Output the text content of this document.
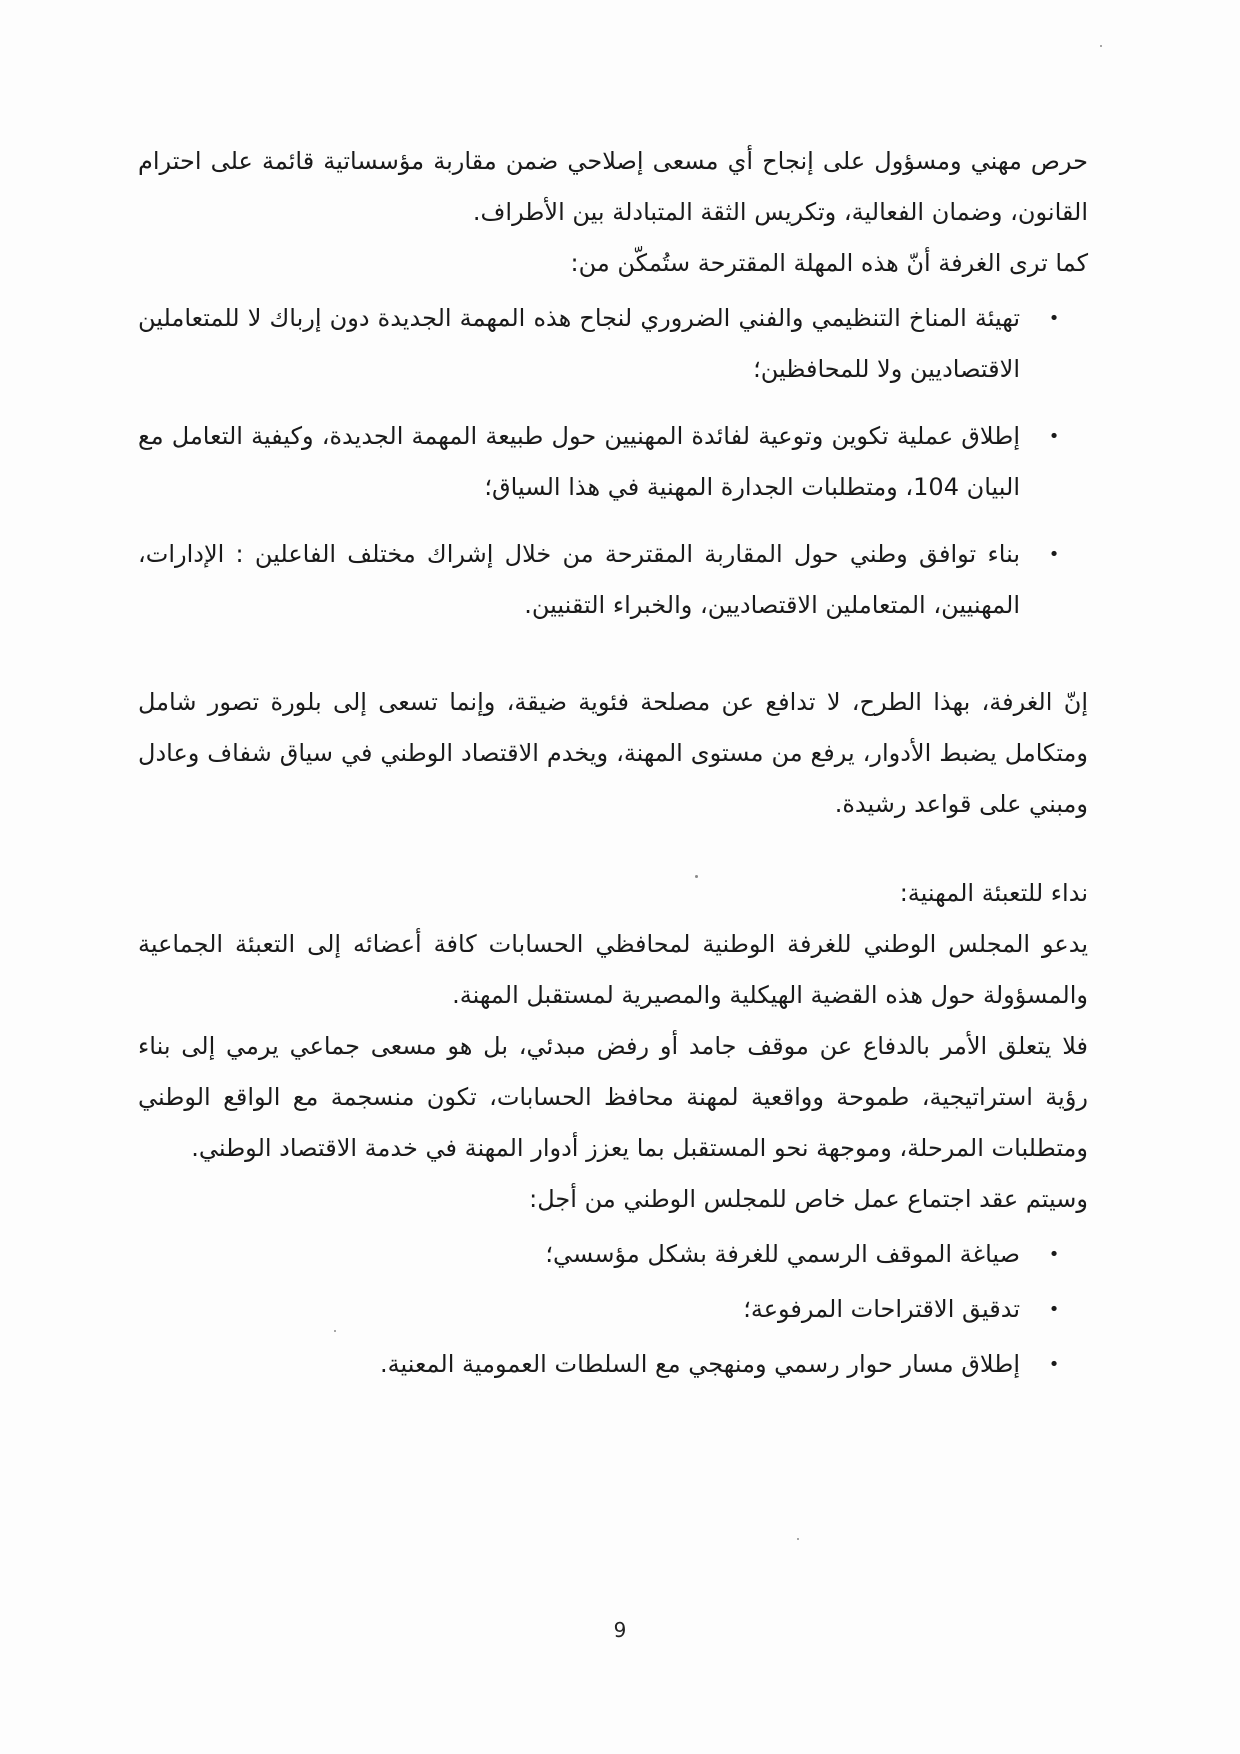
حرص مهني ومسؤول على إنجاح أي مسعى إصلاحي ضمن مقاربة مؤسساتية قائمة على احترام القانون، وضمان الفعالية، وتكريس الثقة المتبادلة بين الأطراف.

كما ترى الغرفة أنّ هذه المهلة المقترحة ستُمكّن من:

•
تهيئة المناخ التنظيمي والفني الضروري لنجاح هذه المهمة الجديدة دون إرباك لا للمتعاملين الاقتصاديين ولا للمحافظين؛
•
إطلاق عملية تكوين وتوعية لفائدة المهنيين حول طبيعة المهمة الجديدة، وكيفية التعامل مع البيان 104، ومتطلبات الجدارة المهنية في هذا السياق؛
•
بناء توافق وطني حول المقاربة المقترحة من خلال إشراك مختلف الفاعلين : الإدارات، المهنيين، المتعاملين الاقتصاديين، والخبراء التقنيين.

إنّ الغرفة، بهذا الطرح، لا تدافع عن مصلحة فئوية ضيقة، وإنما تسعى إلى بلورة تصور شامل ومتكامل يضبط الأدوار، يرفع من مستوى المهنة، ويخدم الاقتصاد الوطني في سياق شفاف وعادل ومبني على قواعد رشيدة.

نداء للتعبئة المهنية:

يدعو المجلس الوطني للغرفة الوطنية لمحافظي الحسابات كافة أعضائه إلى التعبئة الجماعية والمسؤولة حول هذه القضية الهيكلية والمصيرية لمستقبل المهنة.

فلا يتعلق الأمر بالدفاع عن موقف جامد أو رفض مبدئي، بل هو مسعى جماعي يرمي إلى بناء رؤية استراتيجية، طموحة وواقعية لمهنة محافظ الحسابات، تكون منسجمة مع الواقع الوطني ومتطلبات المرحلة، وموجهة نحو المستقبل بما يعزز أدوار المهنة في خدمة الاقتصاد الوطني.

وسيتم عقد اجتماع عمل خاص للمجلس الوطني من أجل:

•
صياغة الموقف الرسمي للغرفة بشكل مؤسسي؛
•
تدقيق الاقتراحات المرفوعة؛
•
إطلاق مسار حوار رسمي ومنهجي مع السلطات العمومية المعنية.
9
